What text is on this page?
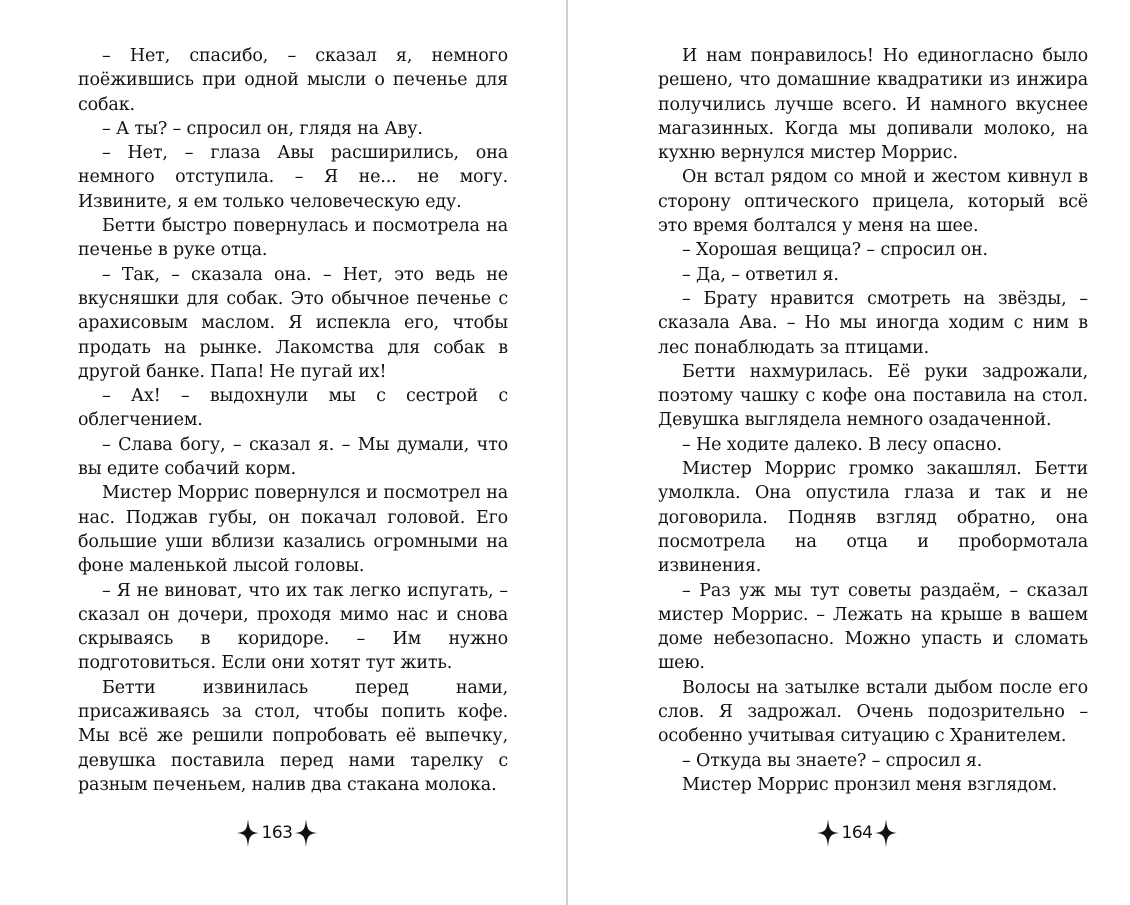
– Нет, спасибо, – сказал я, немного поёжившись при одной мысли о печенье для собак.

– А ты? – спросил он, глядя на Аву.

– Нет, – глаза Авы расширились, она немного отступила. – Я не... не могу. Извините, я ем только человеческую еду.

Бетти быстро повернулась и посмотрела на печенье в руке отца.

– Так, – сказала она. – Нет, это ведь не вкусняшки для собак. Это обычное печенье с арахисовым маслом. Я испекла его, чтобы продать на рынке. Лакомства для собак в другой банке. Папа! Не пугай их!

– Ах! – выдохнули мы с сестрой с облегчением.

– Слава богу, – сказал я. – Мы думали, что вы едите собачий корм.

Мистер Моррис повернулся и посмотрел на нас. Поджав губы, он покачал головой. Его большие уши вблизи казались огромными на фоне маленькой лысой головы.

– Я не виноват, что их так легко испугать, – сказал он дочери, проходя мимо нас и снова скрываясь в коридоре. – Им нужно подготовиться. Если они хотят тут жить.

Бетти извинилась перед нами, присаживаясь за стол, чтобы попить кофе. Мы всё же решили попробовать её выпечку, девушка поставила перед нами тарелку с разным печеньем, налив два стакана молока.

И нам понравилось! Но единогласно было решено, что домашние квадратики из инжира получились лучше всего. И намного вкуснее магазинных. Когда мы допивали молоко, на кухню вернулся мистер Моррис.

Он встал рядом со мной и жестом кивнул в сторону оптического прицела, который всё это время болтался у меня на шее.

– Хорошая вещица? – спросил он.

– Да, – ответил я.

– Брату нравится смотреть на звёзды, – сказала Ава. – Но мы иногда ходим с ним в лес понаблюдать за птицами.

Бетти нахмурилась. Её руки задрожали, поэтому чашку с кофе она поставила на стол. Девушка выглядела немного озадаченной.

– Не ходите далеко. В лесу опасно.

Мистер Моррис громко закашлял. Бетти умолкла. Она опустила глаза и так и не договорила. Подняв взгляд обратно, она посмотрела на отца и пробормотала извинения.

– Раз уж мы тут советы раздаём, – сказал мистер Моррис. – Лежать на крыше в вашем доме небезопасно. Можно упасть и сломать шею.

Волосы на затылке встали дыбом после его слов. Я задрожал. Очень подозрительно – особенно учитывая ситуацию с Хранителем.

– Откуда вы знаете? – спросил я.

Мистер Моррис пронзил меня взглядом.

163	164
